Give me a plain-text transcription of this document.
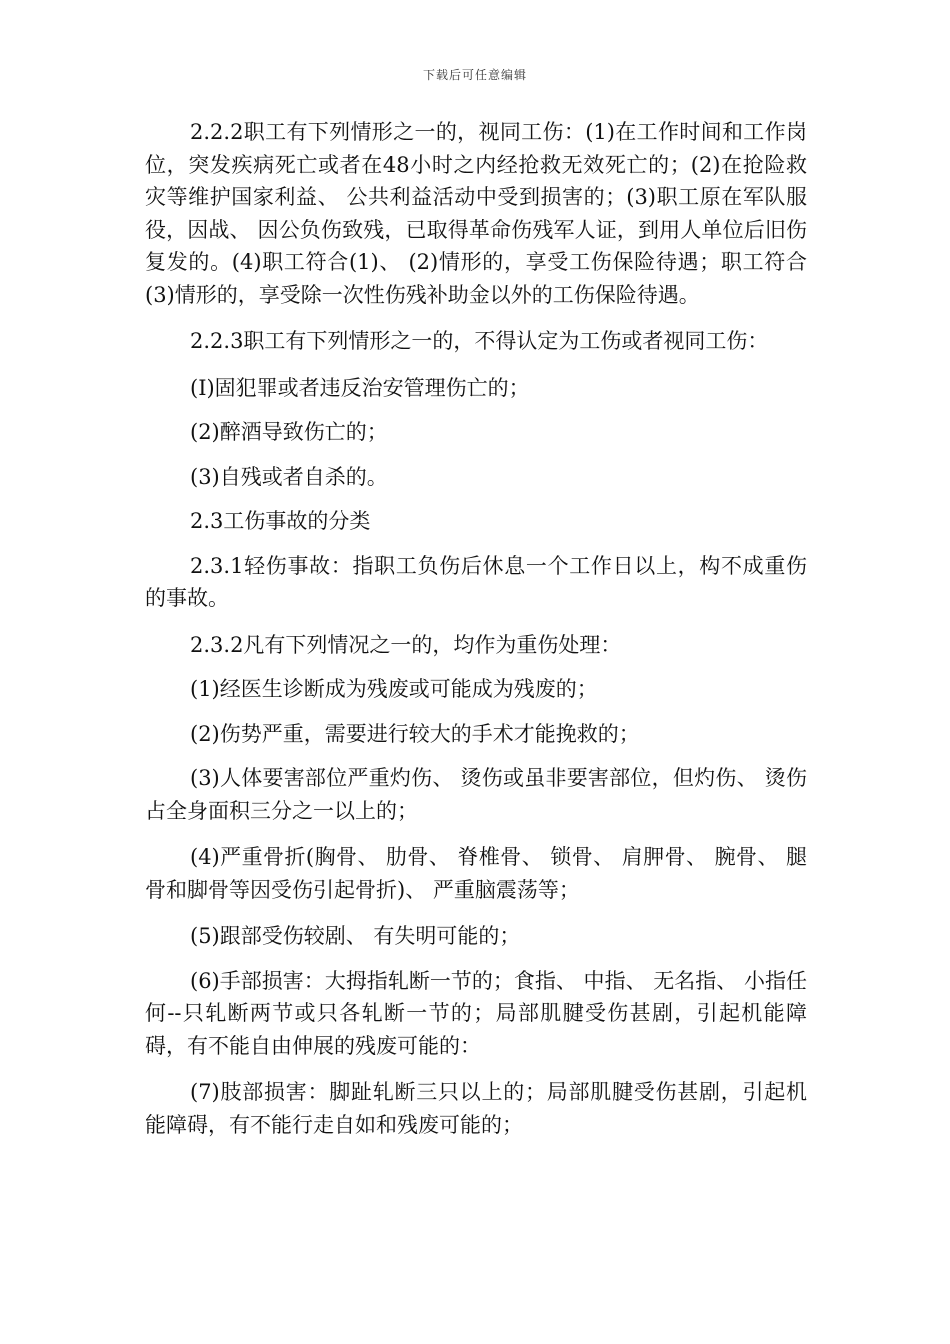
下载后可任意编辑

2.2.2职工有下列情形之一的，视同工伤：(1)在工作时间和工作岗位，突发疾病死亡或者在48小时之内经抢救无效死亡的；(2)在抢险救灾等维护国家利益、 公共利益活动中受到损害的；(3)职工原在军队服役，因战、 因公负伤致残，已取得革命伤残军人证，到用人单位后旧伤复发的。(4)职工符合(1)、 (2)情形的，享受工伤保险待遇；职工符合(3)情形的，享受除一次性伤残补助金以外的工伤保险待遇。

2.2.3职工有下列情形之一的，不得认定为工伤或者视同工伤：

(I)固犯罪或者违反治安管理伤亡的；

(2)醉酒导致伤亡的；

(3)自残或者自杀的。

2.3工伤事故的分类

2.3.1轻伤事故：指职工负伤后休息一个工作日以上，构不成重伤的事故。

2.3.2凡有下列情况之一的，均作为重伤处理：

(1)经医生诊断成为残废或可能成为残废的；

(2)伤势严重，需要进行较大的手术才能挽救的；

(3)人体要害部位严重灼伤、 烫伤或虽非要害部位，但灼伤、 烫伤占全身面积三分之一以上的；

(4)严重骨折(胸骨、 肋骨、 脊椎骨、 锁骨、 肩胛骨、 腕骨、 腿骨和脚骨等因受伤引起骨折)、 严重脑震荡等；

(5)跟部受伤较剧、 有失明可能的；

(6)手部损害：大拇指轧断一节的；食指、 中指、 无名指、 小指任何--只轧断两节或只各轧断一节的；局部肌腱受伤甚剧，引起机能障碍，有不能自由伸展的残废可能的：

(7)肢部损害：脚趾轧断三只以上的；局部肌腱受伤甚剧，引起机能障碍，有不能行走自如和残废可能的；
